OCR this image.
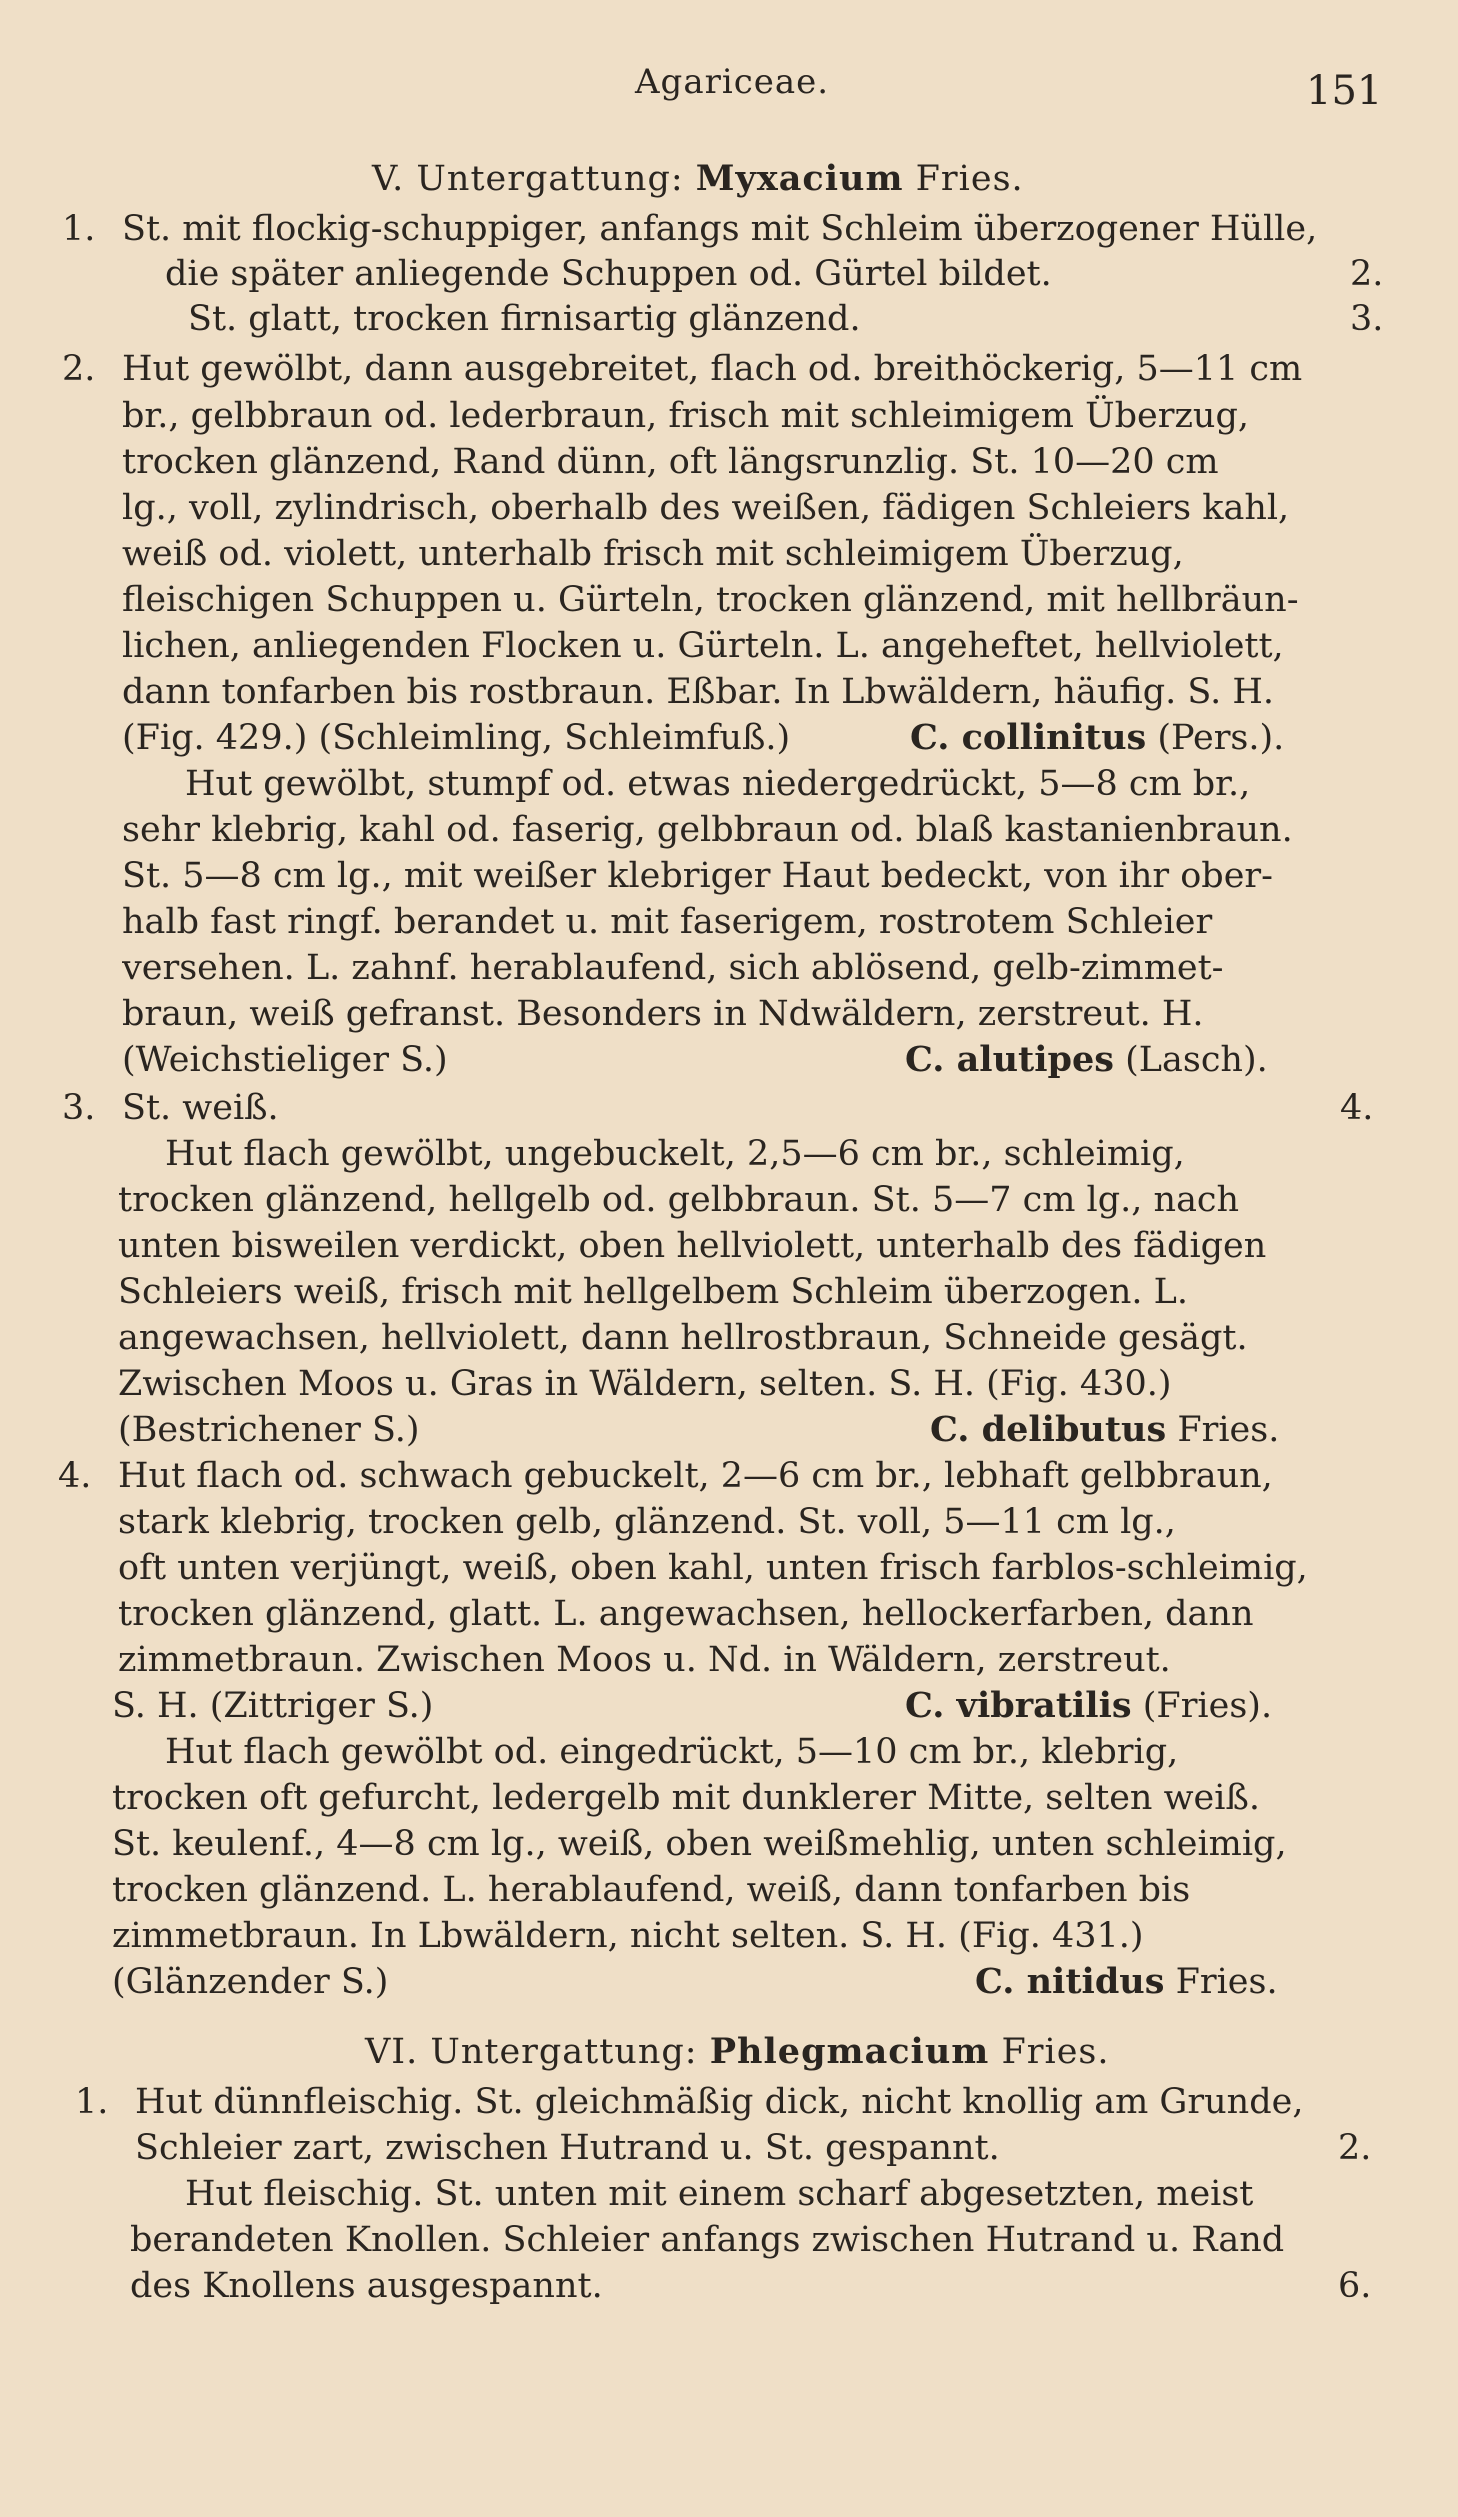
Agariceae.	151
V. Untergattung: Myxacium Fries.
1. St. mit flockig-schuppiger, anfangs mit Schleim überzogener Hülle,
die später anliegende Schuppen od. Gürtel bildet.	2.
St. glatt, trocken firnisartig glänzend.	3.
2. Hut gewölbt, dann ausgebreitet, flach od. breithöckerig, 5—11 cm
br., gelbbraun od. lederbraun, frisch mit schleimigem Überzug,
trocken glänzend, Rand dünn, oft längsrunzlig. St. 10—20 cm
lg., voll, zylindrisch, oberhalb des weißen, fädigen Schleiers kahl,
weiß od. violett, unterhalb frisch mit schleimigem Überzug,
fleischigen Schuppen u. Gürteln, trocken glänzend, mit hellbräun-
lichen, anliegenden Flocken u. Gürteln. L. angeheftet, hellviolett,
dann tonfarben bis rostbraun. Eßbar. In Lbwäldern, häufig. S. H.
(Fig. 429.) (Schleimling, Schleimfuß.)	C. collinitus (Pers.).
Hut gewölbt, stumpf od. etwas niedergedrückt, 5—8 cm br.,
sehr klebrig, kahl od. faserig, gelbbraun od. blaß kastanienbraun.
St. 5—8 cm lg., mit weißer klebriger Haut bedeckt, von ihr ober-
halb fast ringf. berandet u. mit faserigem, rostrotem Schleier
versehen. L. zahnf. herablaufend, sich ablösend, gelb-zimmet-
braun, weiß gefranst. Besonders in Ndwäldern, zerstreut. H.
(Weichstieliger S.)	C. alutipes (Lasch).
3. St. weiß.	4.
Hut flach gewölbt, ungebuckelt, 2,5—6 cm br., schleimig,
trocken glänzend, hellgelb od. gelbbraun. St. 5—7 cm lg., nach
unten bisweilen verdickt, oben hellviolett, unterhalb des fädigen
Schleiers weiß, frisch mit hellgelbem Schleim überzogen. L.
angewachsen, hellviolett, dann hellrostbraun, Schneide gesägt.
Zwischen Moos u. Gras in Wäldern, selten. S. H. (Fig. 430.)
(Bestrichener S.)	C. delibutus Fries.
4. Hut flach od. schwach gebuckelt, 2—6 cm br., lebhaft gelbbraun,
stark klebrig, trocken gelb, glänzend. St. voll, 5—11 cm lg.,
oft unten verjüngt, weiß, oben kahl, unten frisch farblos-schleimig,
trocken glänzend, glatt. L. angewachsen, hellockerfarben, dann
zimmetbraun. Zwischen Moos u. Nd. in Wäldern, zerstreut.
S. H. (Zittriger S.)	C. vibratilis (Fries).
Hut flach gewölbt od. eingedrückt, 5—10 cm br., klebrig,
trocken oft gefurcht, ledergelb mit dunklerer Mitte, selten weiß.
St. keulenf., 4—8 cm lg., weiß, oben weißmehlig, unten schleimig,
trocken glänzend. L. herablaufend, weiß, dann tonfarben bis
zimmetbraun. In Lbwäldern, nicht selten. S. H. (Fig. 431.)
(Glänzender S.)	C. nitidus Fries.
VI. Untergattung: Phlegmacium Fries.
1. Hut dünnfleischig. St. gleichmäßig dick, nicht knollig am Grunde,
Schleier zart, zwischen Hutrand u. St. gespannt.	2.
Hut fleischig. St. unten mit einem scharf abgesetzten, meist
berandeten Knollen. Schleier anfangs zwischen Hutrand u. Rand
des Knollens ausgespannt.	6.
